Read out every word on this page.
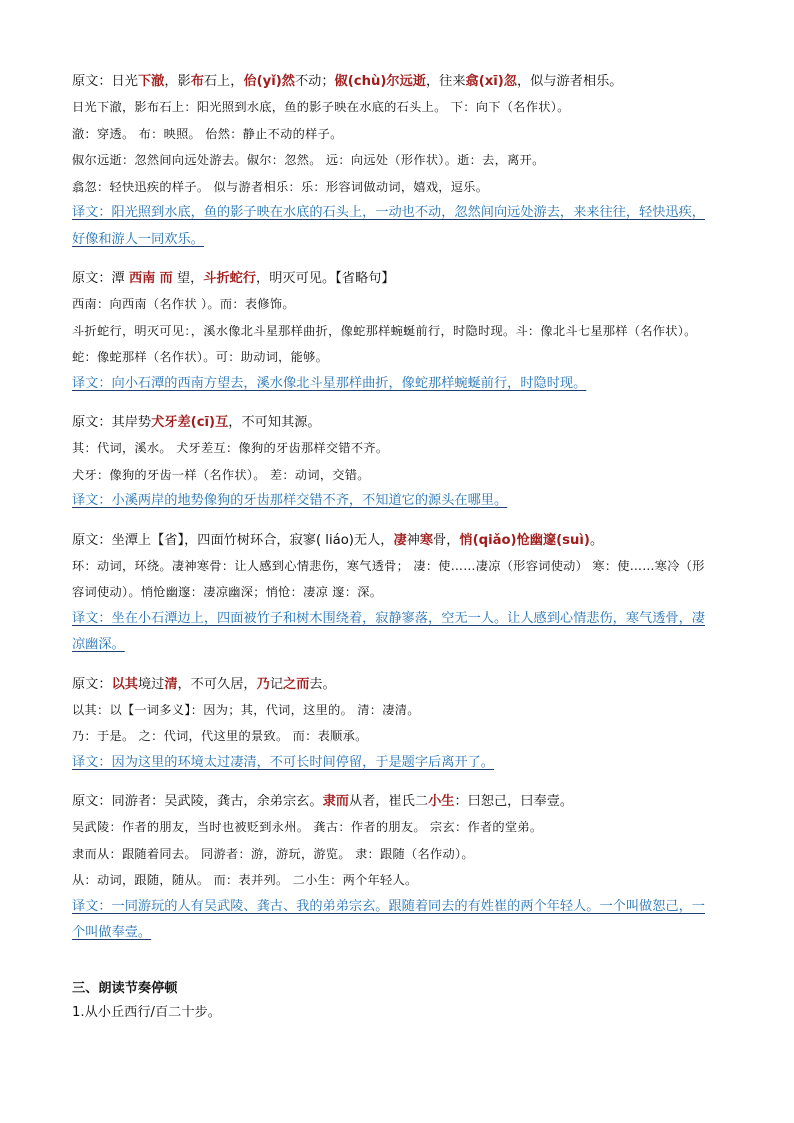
原文：日光下澈，影布石上，佁(yǐ)然不动；俶(chù)尔远逝，往来翕(xī)忽，似与游者相乐。
日光下澈，影布石上：阳光照到水底，鱼的影子映在水底的石头上。 下：向下（名作状）。
澈：穿透。 布：映照。 佁然：静止不动的样子。
俶尔远逝：忽然间向远处游去。俶尔：忽然。 远：向远处（形作状）。逝：去，离开。
翕忽：轻快迅疾的样子。 似与游者相乐：乐：形容词做动词，嬉戏，逗乐。
译文：阳光照到水底，鱼的影子映在水底的石头上，一动也不动，忽然间向远处游去，来来往往，轻快迅疾，好像和游人一同欢乐。
原文：潭 西南 而 望，斗折蛇行，明灭可见。【省略句】
西南：向西南（名作状 ）。而：表修饰。
斗折蛇行，明灭可见：，溪水像北斗星那样曲折，像蛇那样蜿蜒前行，时隐时现。斗：像北斗七星那样（名作状）。蛇：像蛇那样（名作状）。可：助动词，能够。
译文：向小石潭的西南方望去，溪水像北斗星那样曲折，像蛇那样蜿蜒前行，时隐时现。
原文：其岸势犬牙差(cī)互，不可知其源。
其：代词，溪水。 犬牙差互：像狗的牙齿那样交错不齐。
犬牙：像狗的牙齿一样（名作状）。 差：动词，交错。
译文：小溪两岸的地势像狗的牙齿那样交错不齐，不知道它的源头在哪里。
原文：坐潭上【省】，四面竹树环合，寂寥( liáo)无人，凄神寒骨，悄(qiǎo)怆幽邃(suì)。
环：动词，环绕。凄神寒骨：让人感到心情悲伤，寒气透骨； 凄：使……凄凉（形容词使动） 寒：使……寒冷（形容词使动）。悄怆幽邃：凄凉幽深；悄怆：凄凉 邃：深。
译文：坐在小石潭边上，四面被竹子和树木围绕着，寂静寥落，空无一人。让人感到心情悲伤，寒气透骨，凄凉幽深。
原文：以其境过清，不可久居，乃记之而去。
以其：以【一词多义】：因为；其，代词，这里的。 清：凄清。
乃：于是。 之：代词，代这里的景致。 而：表顺承。
译文：因为这里的环境太过凄清，不可长时间停留，于是题字后离开了。
原文：同游者：吴武陵，龚古，余弟宗玄。隶而从者，崔氏二小生：曰恕己，曰奉壹。
吴武陵：作者的朋友，当时也被贬到永州。 龚古：作者的朋友。 宗玄：作者的堂弟。
隶而从：跟随着同去。 同游者：游，游玩，游览。 隶：跟随（名作动）。
从：动词，跟随，随从。 而：表并列。 二小生：两个年轻人。
译文：一同游玩的人有吴武陵、龚古、我的弟弟宗玄。跟随着同去的有姓崔的两个年轻人。一个叫做恕己，一个叫做奉壹。
三、朗读节奏停顿
1.从小丘西行/百二十步。
